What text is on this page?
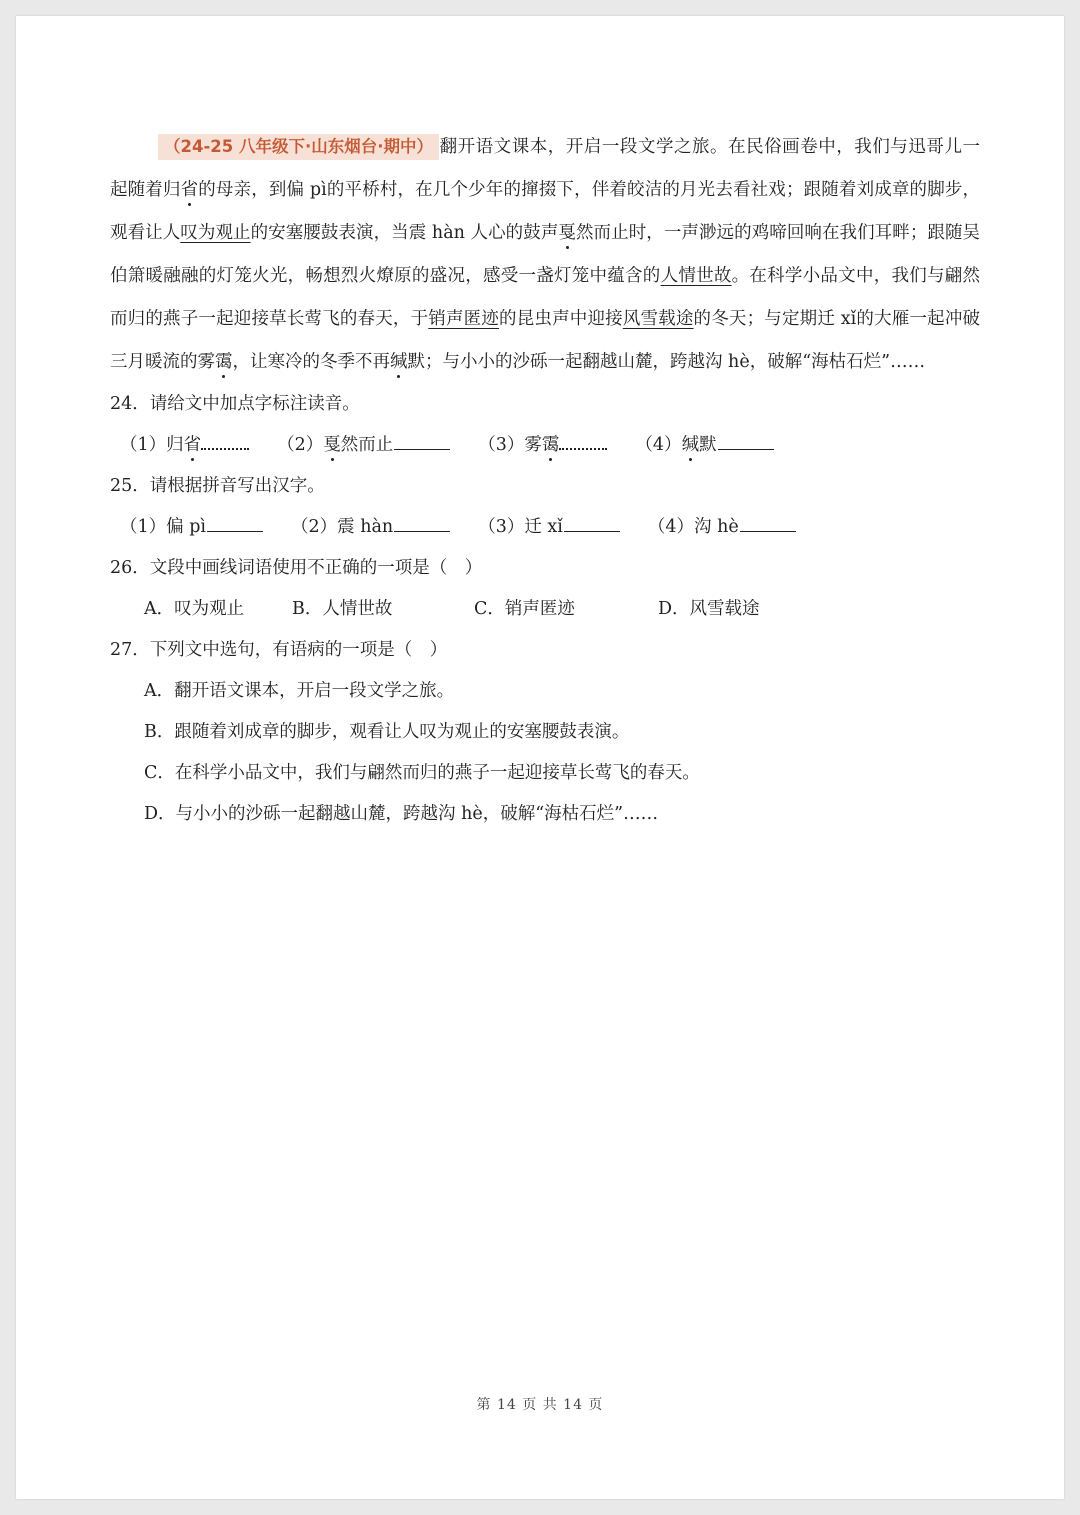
（24-25 八年级下·山东烟台·期中） 翻开语文课本，开启一段文学之旅。在民俗画卷中，我们与迅哥儿一起随着归省的母亲，到偏 pì的平桥村，在几个少年的撺掇下，伴着皎洁的月光去看社戏；跟随着刘成章的脚步，观看让人叹为观止的安塞腰鼓表演，当震 hàn 人心的鼓声戛然而止时，一声渺远的鸡啼回响在我们耳畔；跟随吴伯箫暖融融的灯笼火光，畅想烈火燎原的盛况，感受一盏灯笼中蕴含的人情世故。在科学小品文中，我们与翩然而归的燕子一起迎接草长莺飞的春天，于销声匿迹的昆虫声中迎接风雪载途的冬天；与定期迁 xǐ的大雁一起冲破三月暖流的雾霭，让寒冷的冬季不再缄默；与小小的沙砾一起翻越山麓，跨越沟 hè，破解“海枯石烂”……

24．请给文中加点字标注读音。

（1）归省	（2）戛然而止	（3）雾霭	（4）缄默

25．请根据拼音写出汉字。

（1）偏 pì	（2）震 hàn	（3）迁 xǐ	（4）沟 hè

26．文段中画线词语使用不正确的一项是（　）

A．叹为观止	B．人情世故	C．销声匿迹	D．风雪载途

27．下列文中选句，有语病的一项是（　）

A．翻开语文课本，开启一段文学之旅。
B．跟随着刘成章的脚步，观看让人叹为观止的安塞腰鼓表演。
C．在科学小品文中，我们与翩然而归的燕子一起迎接草长莺飞的春天。
D．与小小的沙砾一起翻越山麓，跨越沟 hè，破解“海枯石烂”……
第 14 页 共 14 页
